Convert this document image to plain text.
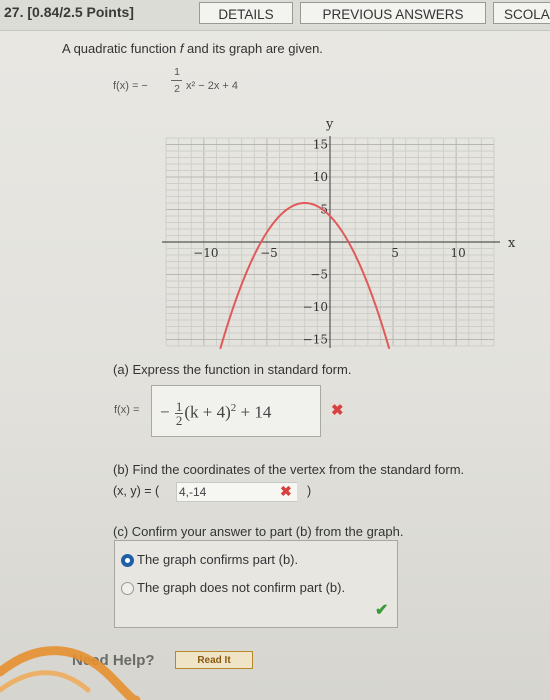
27. [0.84/2.5 Points]	DETAILS	PREVIOUS ANSWERS	SCOLA
A quadratic function f and its graph are given.
f(x) = −
1
2 x² − 2x + 4
−10	−5	5	10
15
10
5
−5
−10
−15
y
x
(a) Express the function in standard form.
f(x) = − $\frac{1}{2} (k + 4)^2 + 14$	✖
(b) Find the coordinates of the vertex from the standard form.
(x, y) = ( 4,-14	✖ )
(c) Confirm your answer to part (b) from the graph.
The graph confirms part (b).
The graph does not confirm part (b).
✔
Need Help?	Read It
